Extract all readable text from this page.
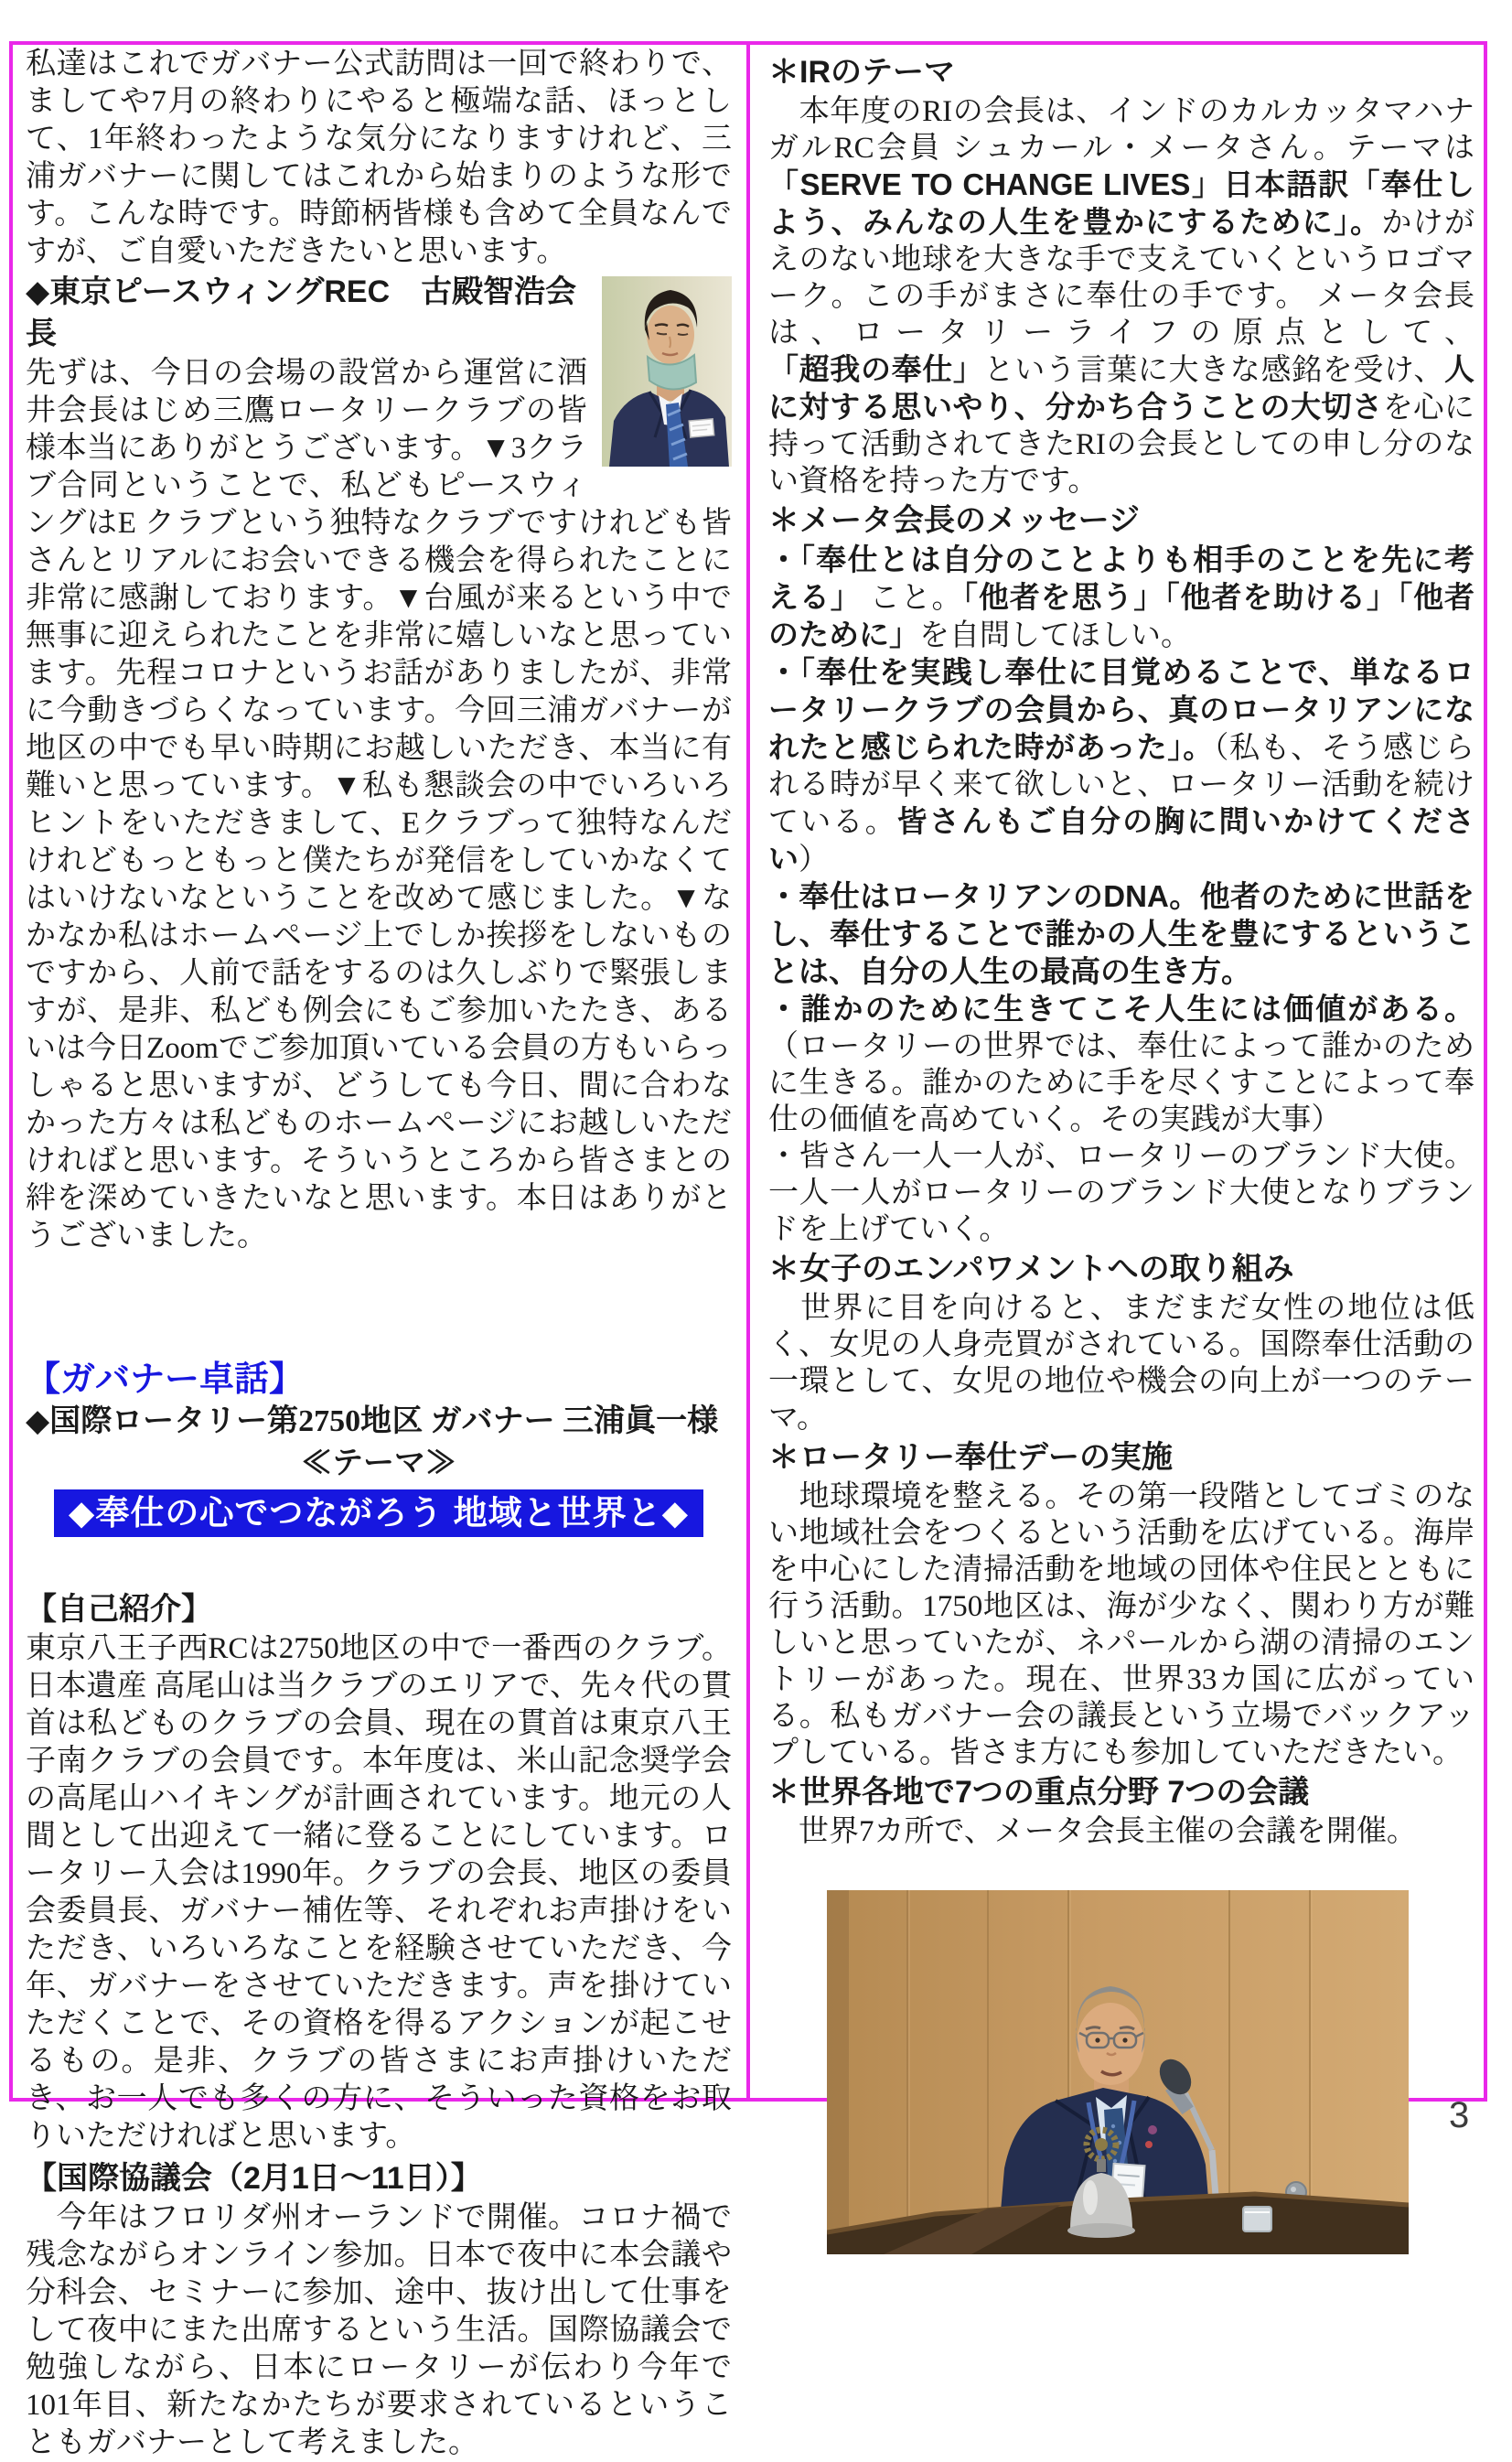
私達はこれでガバナー公式訪問は一回で終わりで、ましてや7月の終わりにやると極端な話、ほっとして、1年終わったような気分になりますけれど、三浦ガバナーに関してはこれから始まりのような形です。こんな時です。時節柄皆様も含めて全員なんですが、ご自愛いただきたいと思います。

◆東京ピースウィングREC　古殿智浩会長

先ずは、今日の会場の設営から運営に酒井会長はじめ三鷹ロータリークラブの皆様本当にありがとうございます。▼3クラブ合同ということで、私どもピースウィングはE クラブという独特なクラブですけれども皆さんとリアルにお会いできる機会を得られたことに非常に感謝しております。▼台風が来るという中で無事に迎えられたことを非常に嬉しいなと思っています。先程コロナというお話がありましたが、非常に今動きづらくなっています。今回三浦ガバナーが地区の中でも早い時期にお越しいただき、本当に有難いと思っています。▼私も懇談会の中でいろいろヒントをいただきまして、Eクラブって独特なんだけれどもっともっと僕たちが発信をしていかなくてはいけないなということを改めて感じました。▼なかなか私はホームページ上でしか挨拶をしないものですから、人前で話をするのは久しぶりで緊張しますが、是非、私ども例会にもご参加いたたき、あるいは今日Zoomでご参加頂いている会員の方もいらっしゃると思いますが、どうしても今日、間に合わなかった方々は私どものホームページにお越しいただければと思います。そういうところから皆さまとの絆を深めていきたいなと思います。本日はありがとうございました。

【ガバナー卓話】
◆国際ロータリー第2750地区 ガバナー 三浦眞一様
≪テーマ≫
◆奉仕の心でつながろう 地域と世界と◆
【自己紹介】

東京八王子西RCは2750地区の中で一番西のクラブ。日本遺産 高尾山は当クラブのエリアで、先々代の貫首は私どものクラブの会員、現在の貫首は東京八王子南クラブの会員です。本年度は、米山記念奨学会の高尾山ハイキングが計画されています。地元の人間として出迎えて一緒に登ることにしています。ロータリー入会は1990年。クラブの会長、地区の委員会委員長、ガバナー補佐等、それぞれお声掛けをいただき、いろいろなことを経験させていただき、今年、ガバナーをさせていただきます。声を掛けていただくことで、その資格を得るアクションが起こせるもの。是非、クラブの皆さまにお声掛けいただき、お一人でも多くの方に、そういった資格をお取りいただければと思います。

【国際協議会（2月1日～11日）】

　今年はフロリダ州オーランドで開催。コロナ禍で残念ながらオンライン参加。日本で夜中に本会議や分科会、セミナーに参加、途中、抜け出して仕事をして夜中にまた出席するという生活。国際協議会で勉強しながら、日本にロータリーが伝わり今年で101年目、新たなかたちが要求されているということもガバナーとして考えました。

＊IRのテーマ

　本年度のRIの会長は、インドのカルカッタマハナガルRC会員 シュカール・メータさん。テーマは「SERVE TO CHANGE LIVES」日本語訳「奉仕しよう、みんなの人生を豊かにするために」。かけがえのない地球を大きな手で支えていくというロゴマーク。この手がまさに奉仕の手です。 メータ会長は、ロータリーライフの原点として、「超我の奉仕」という言葉に大きな感銘を受け、人に対する思いやり、分かち合うことの大切さを心に持って活動されてきたRIの会長としての申し分のない資格を持った方です。

＊メータ会長のメッセージ

・「奉仕とは自分のことよりも相手のことを先に考える」 こと。「他者を思う」「他者を助ける」「他者のために」を自問してほしい。

・「奉仕を実践し奉仕に目覚めることで、単なるロータリークラブの会員から、真のロータリアンになれたと感じられた時があった」。（私も、そう感じられる時が早く来て欲しいと、ロータリー活動を続けている。皆さんもご自分の胸に問いかけてください）

・奉仕はロータリアンのDNA。他者のために世話をし、奉仕することで誰かの人生を豊にするということは、自分の人生の最高の生き方。

・誰かのために生きてこそ人生には価値がある。（ロータリーの世界では、奉仕によって誰かのために生きる。誰かのために手を尽くすことによって奉仕の価値を高めていく。その実践が大事）

・皆さん一人一人が、ロータリーのブランド大使。一人一人がロータリーのブランド大使となりブランドを上げていく。

＊女子のエンパワメントへの取り組み

　世界に目を向けると、まだまだ女性の地位は低く、女児の人身売買がされている。国際奉仕活動の一環として、女児の地位や機会の向上が一つのテーマ。

＊ロータリー奉仕デーの実施

　地球環境を整える。その第一段階としてゴミのない地域社会をつくるという活動を広げている。海岸を中心にした清掃活動を地域の団体や住民とともに行う活動。1750地区は、海が少なく、関わり方が難しいと思っていたが、ネパールから湖の清掃のエントリーがあった。現在、世界33カ国に広がっている。私もガバナー会の議長という立場でバックアップしている。皆さま方にも参加していただきたい。

＊世界各地で7つの重点分野 7つの会議

　世界7カ所で、メータ会長主催の会議を開催。

3
